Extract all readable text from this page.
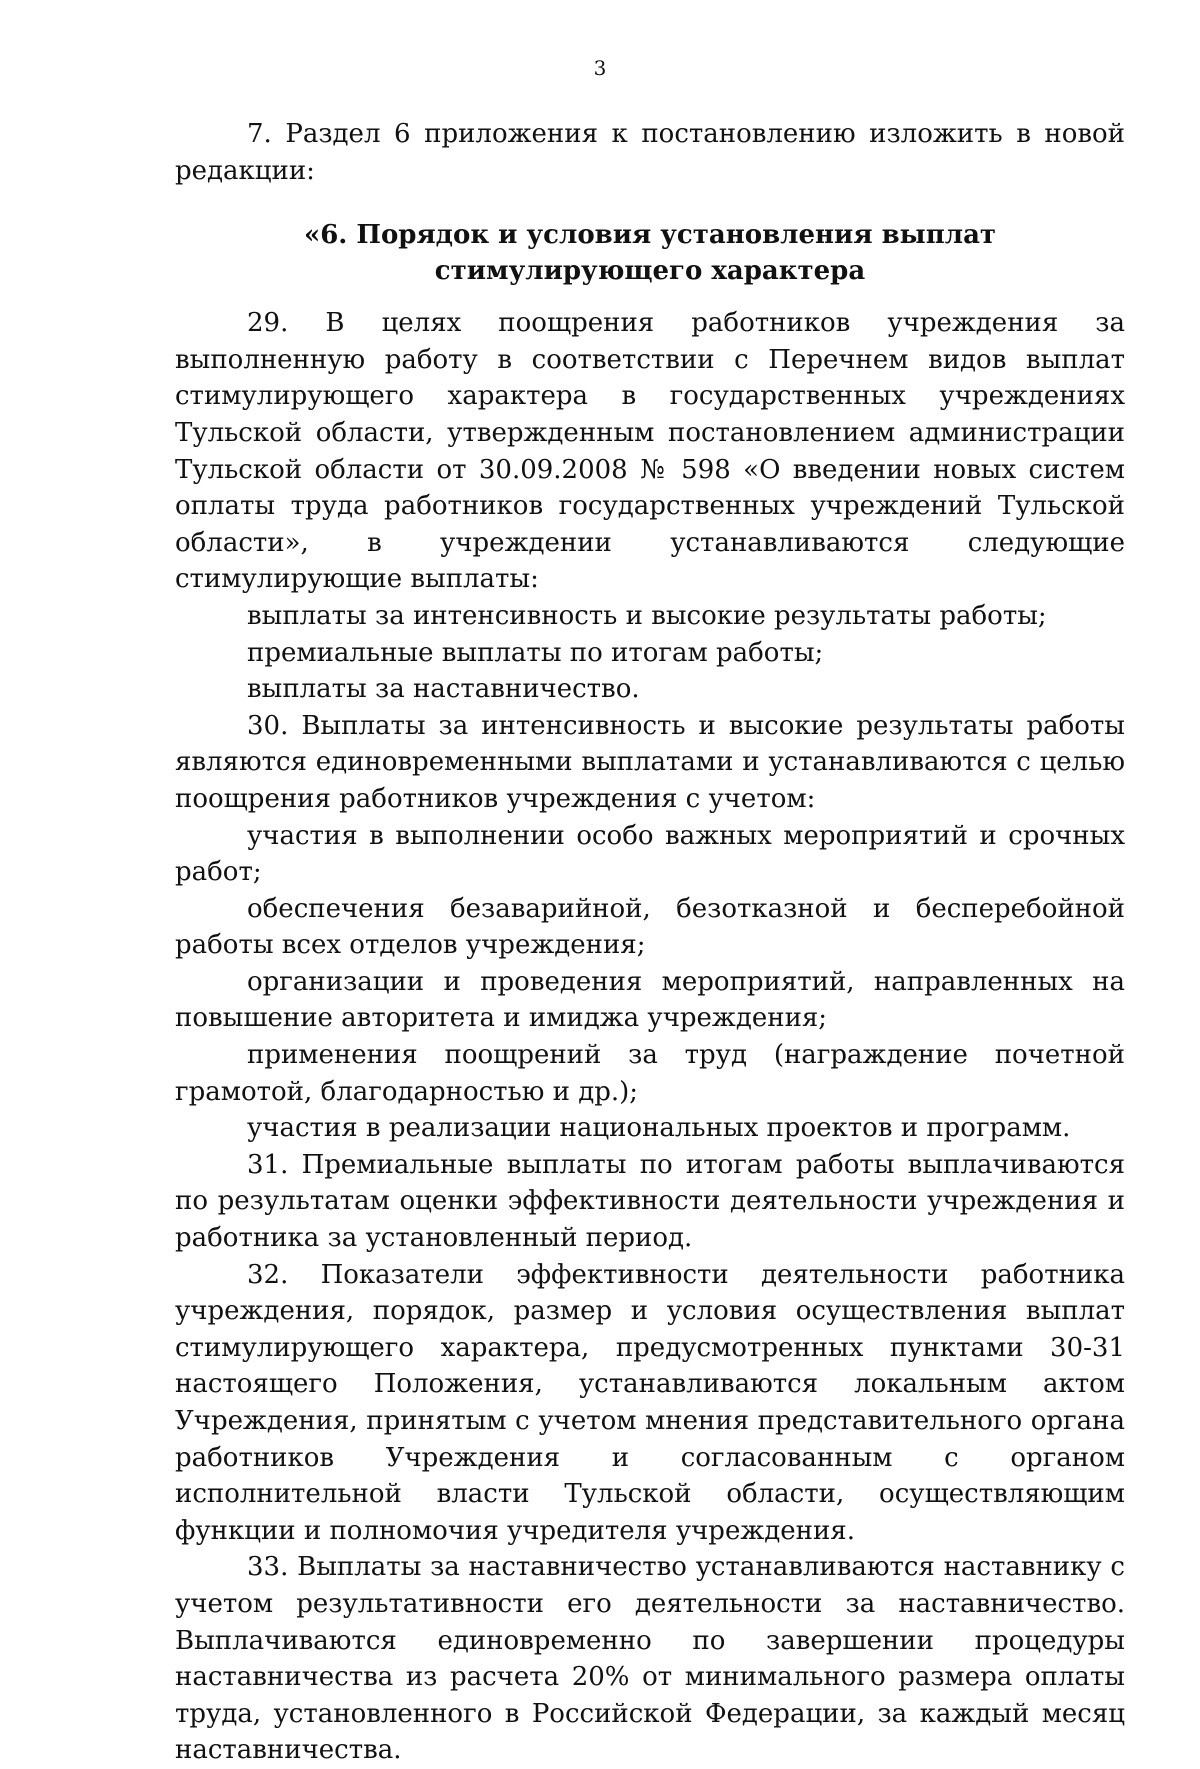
3

7. Раздел 6 приложения к постановлению изложить в новой редакции:

«6. Порядок и условия установления выплат
стимулирующего характера

29. В целях поощрения работников учреждения за выполненную работу в соответствии с Перечнем видов выплат стимулирующего характера в государственных учреждениях Тульской области, утвержденным постановлением администрации Тульской области от 30.09.2008 № 598 «О введении новых систем оплаты труда работников государственных учреждений Тульской области», в учреждении устанавливаются следующие стимулирующие выплаты:

выплаты за интенсивность и высокие результаты работы;

премиальные выплаты по итогам работы;

выплаты за наставничество.

30. Выплаты за интенсивность и высокие результаты работы являются единовременными выплатами и устанавливаются с целью поощрения работников учреждения с учетом:

участия в выполнении особо важных мероприятий и срочных работ;

обеспечения безаварийной, безотказной и бесперебойной работы всех отделов учреждения;

организации и проведения мероприятий, направленных на повышение авторитета и имиджа учреждения;

применения поощрений за труд (награждение почетной грамотой, благодарностью и др.);

участия в реализации национальных проектов и программ.

31. Премиальные выплаты по итогам работы выплачиваются по результатам оценки эффективности деятельности учреждения и работника за установленный период.

32. Показатели эффективности деятельности работника учреждения, порядок, размер и условия осуществления выплат стимулирующего характера, предусмотренных пунктами 30-31 настоящего Положения, устанавливаются локальным актом Учреждения, принятым с учетом мнения представительного органа работников Учреждения и согласованным с органом исполнительной власти Тульской области, осуществляющим функции и полномочия учредителя учреждения.

33. Выплаты за наставничество устанавливаются наставнику с учетом результативности его деятельности за наставничество. Выплачиваются единовременно по завершении процедуры наставничества из расчета 20% от минимального размера оплаты труда, установленного в Российской Федерации, за каждый месяц наставничества.
